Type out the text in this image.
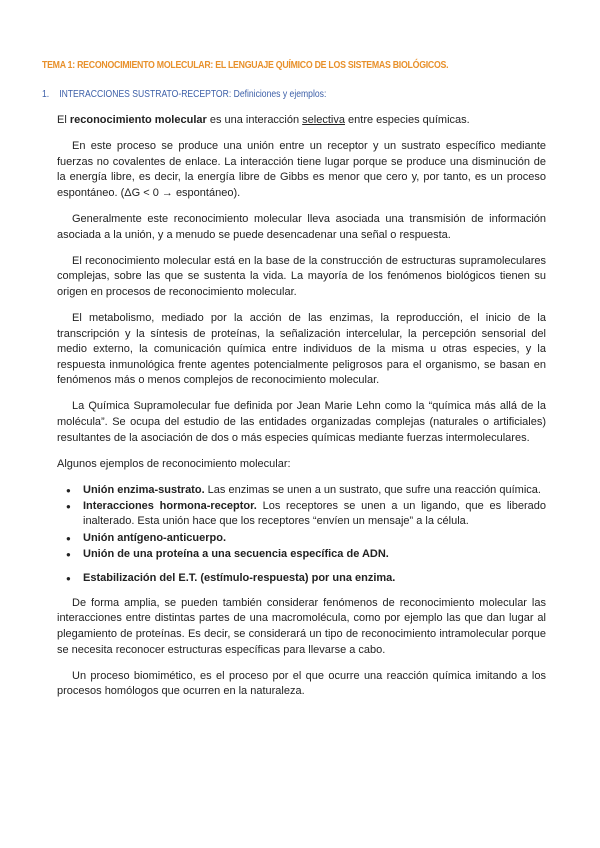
TEMA 1: RECONOCIMIENTO MOLECULAR: EL LENGUAJE QUÍMICO DE LOS SISTEMAS BIOLÓGICOS.
1. INTERACCIONES SUSTRATO-RECEPTOR: Definiciones y ejemplos:

El reconocimiento molecular es una interacción selectiva entre especies químicas.

En este proceso se produce una unión entre un receptor y un sustrato específico mediante fuerzas no covalentes de enlace. La interacción tiene lugar porque se produce una disminución de la energía libre, es decir, la energía libre de Gibbs es menor que cero y, por tanto, es un proceso espontáneo. (ΔG < 0 → espontáneo).

Generalmente este reconocimiento molecular lleva asociada una transmisión de información asociada a la unión, y a menudo se puede desencadenar una señal o respuesta.

El reconocimiento molecular está en la base de la construcción de estructuras supramoleculares complejas, sobre las que se sustenta la vida. La mayoría de los fenómenos biológicos tienen su origen en procesos de reconocimiento molecular.

El metabolismo, mediado por la acción de las enzimas, la reproducción, el inicio de la transcripción y la síntesis de proteínas, la señalización intercelular, la percepción sensorial del medio externo, la comunicación química entre individuos de la misma u otras especies, y la respuesta inmunológica frente agentes potencialmente peligrosos para el organismo, se basan en fenómenos más o menos complejos de reconocimiento molecular.

La Química Supramolecular fue definida por Jean Marie Lehn como la “química más allá de la molécula”. Se ocupa del estudio de las entidades organizadas complejas (naturales o artificiales) resultantes de la asociación de dos o más especies químicas mediante fuerzas intermoleculares.

Algunos ejemplos de reconocimiento molecular:

● Unión enzima-sustrato. Las enzimas se unen a un sustrato, que sufre una reacción química.
● Interacciones hormona-receptor. Los receptores se unen a un ligando, que es liberado inalterado. Esta unión hace que los receptores “envíen un mensaje” a la célula.
● Unión antígeno-anticuerpo.
● Unión de una proteína a una secuencia específica de ADN.
● Estabilización del E.T. (estímulo-respuesta) por una enzima.

De forma amplia, se pueden también considerar fenómenos de reconocimiento molecular las interacciones entre distintas partes de una macromolécula, como por ejemplo las que dan lugar al plegamiento de proteínas. Es decir, se considerará un tipo de reconocimiento intramolecular porque se necesita reconocer estructuras específicas para llevarse a cabo.

Un proceso biomimético, es el proceso por el que ocurre una reacción química imitando a los procesos homólogos que ocurren en la naturaleza.
